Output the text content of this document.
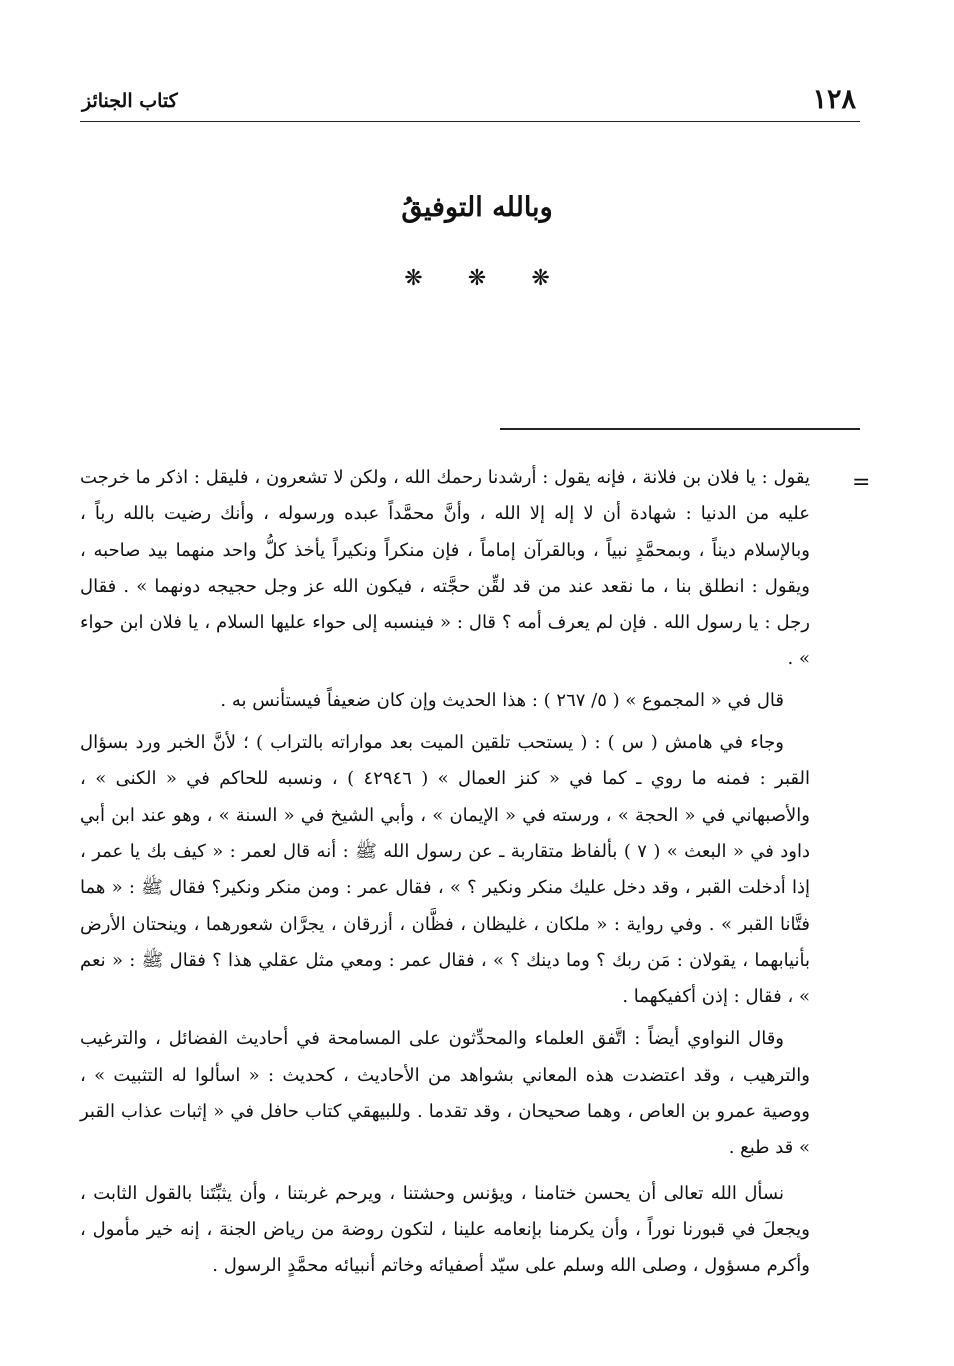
١٢٨
كتاب الجنائز
وبالله التوفيقُ
❋ ❋ ❋
=

يقول : يا فلان بن فلانة ، فإنه يقول : أرشدنا رحمك الله ، ولكن لا تشعرون ، فليقل : اذكر ما خرجت عليه من الدنيا : شهادة أن لا إله إلا الله ، وأنَّ محمَّداً عبده ورسوله ، وأنك رضيت بالله رباً ، وبالإسلام ديناً ، وبمحمَّدٍ نبياً ، وبالقرآن إماماً ، فإن منكراً ونكيراً يأخذ كلُّ واحد منهما بيد صاحبه ، ويقول : انطلق بنا ، ما نقعد عند من قد لقِّن حجَّته ، فيكون الله عز وجل حجيجه دونهما » . فقال رجل : يا رسول الله . فإن لم يعرف أمه ؟ قال : « فينسبه إلى حواء عليها السلام ، يا فلان ابن حواء » .

قال في « المجموع » ( ٥/ ٢٦٧ ) : هذا الحديث وإن كان ضعيفاً فيستأنس به .

وجاء في هامش ( س ) : ( يستحب تلقين الميت بعد مواراته بالتراب ) ؛ لأنَّ الخبر ورد بسؤال القبر : فمنه ما روي ـ كما في « كنز العمال » ( ٤٢٩٤٦ ) ، ونسبه للحاكم في « الكنى » ، والأصبهاني في « الحجة » ، ورسته في « الإيمان » ، وأبي الشيخ في « السنة » ، وهو عند ابن أبي داود في « البعث » ( ٧ ) بألفاظ متقاربة ـ عن رسول الله ﷺ : أنه قال لعمر : « كيف بك يا عمر ، إذا أدخلت القبر ، وقد دخل عليك منكر ونكير ؟ » ، فقال عمر : ومن منكر ونكير؟ فقال ﷺ : « هما فتَّانا القبر » . وفي رواية : « ملكان ، غليظان ، فظَّان ، أزرقان ، يجرَّان شعورهما ، وينحتان الأرض بأنيابهما ، يقولان : مَن ربك ؟ وما دينك ؟ » ، فقال عمر : ومعي مثل عقلي هذا ؟ فقال ﷺ : « نعم » ، فقال : إذن أكفيكهما .

وقال النواوي أيضاً : اتَّفق العلماء والمحدِّثون على المسامحة في أحاديث الفضائل ، والترغيب والترهيب ، وقد اعتضدت هذه المعاني بشواهد من الأحاديث ، كحديث : « اسألوا له التثبيت » ، ووصية عمرو بن العاص ، وهما صحيحان ، وقد تقدما . وللبيهقي كتاب حافل في « إثبات عذاب القبر » قد طبع .

نسأل الله تعالى أن يحسن ختامنا ، ويؤنس وحشتنا ، ويرحم غربتنا ، وأن يثبِّتَنا بالقول الثابت ، ويجعلَ في قبورنا نوراً ، وأن يكرمنا بإنعامه علينا ، لتكون روضة من رياض الجنة ، إنه خير مأمول ، وأكرم مسؤول ، وصلى الله وسلم على سيّد أصفيائه وخاتم أنبيائه محمَّدٍ الرسول .
